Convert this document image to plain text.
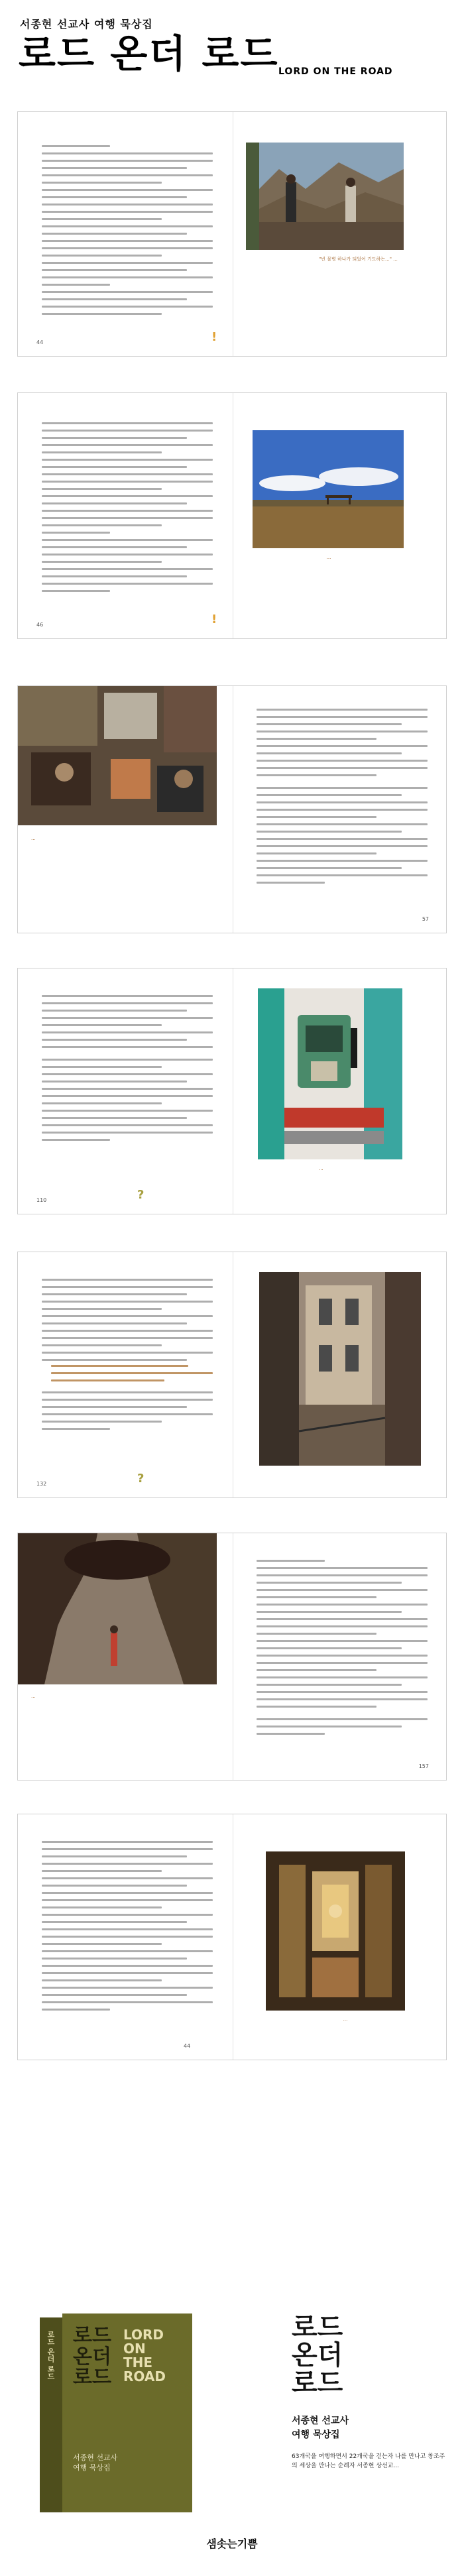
서종현 선교사 여행 묵상집
로드 온더 로드 LORD ON THE ROAD
44	!
"빈 물병 하나가 되었어 기도하는..." ...
46	!
...
...
57
110	?
...
132	?
...
157
44
...
로드 온더 로드 로드
온더
로드
LORD
ON
THE
ROAD
서종현 선교사
여행 묵상집
로드
온더
로드
서종현 선교사
여행 묵상집
63개국을 여행하면서 22개국을 걷는자 나를 만나고 창조주의 세상을 만나는 순례자 서종현 상선교...
샘솟는기쁨
